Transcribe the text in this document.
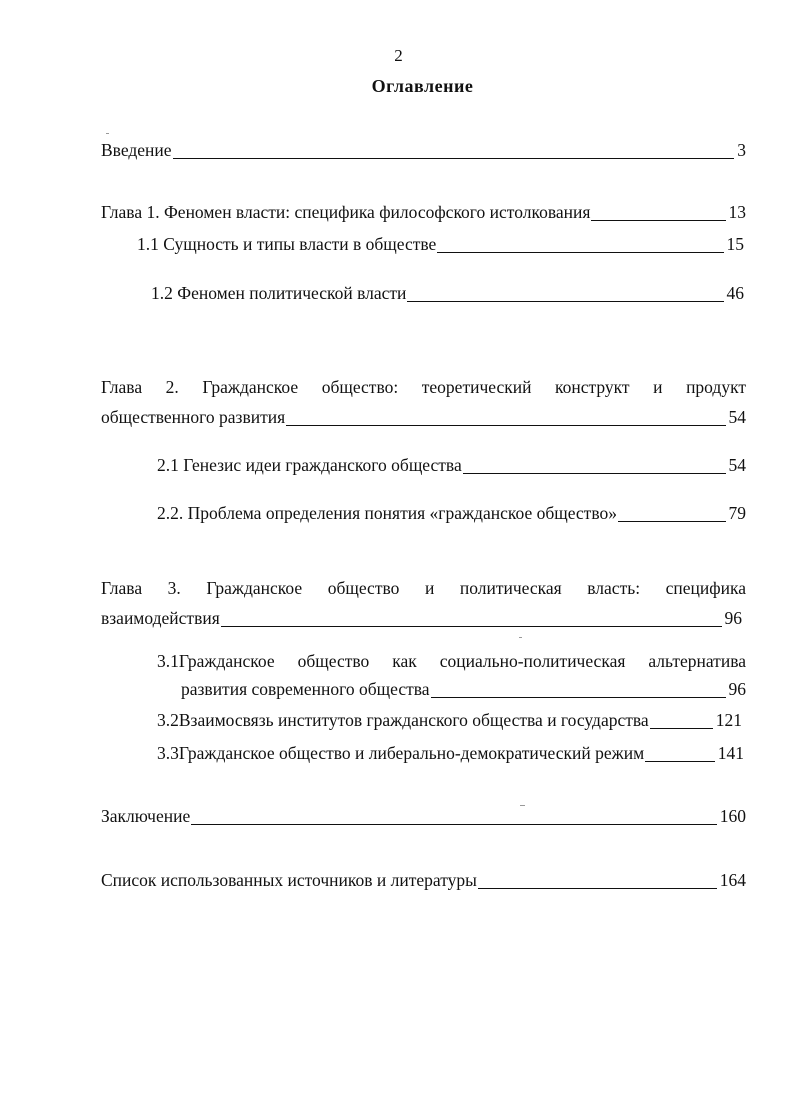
2
Оглавление
Введение	3
Глава 1. Феномен власти: специфика философского истолкования	13
1.1 Сущность и типы власти в обществе	15
1.2 Феномен политической власти	46
Глава 2. Гражданское общество: теоретический конструкт и продукт
общественного развития	54
2.1 Генезис идеи гражданского общества	54
2.2. Проблема определения понятия «гражданское общество»	79
Глава 3. Гражданское общество и политическая власть: специфика
взаимодействия	96
3.1Гражданское общество как социально-политическая альтернатива
развития современного общества	96
3.2Взаимосвязь институтов гражданского общества и государства	121
3.3Гражданское общество и либерально-демократический режим	141
Заключение	160
Список использованных источников и литературы	164
